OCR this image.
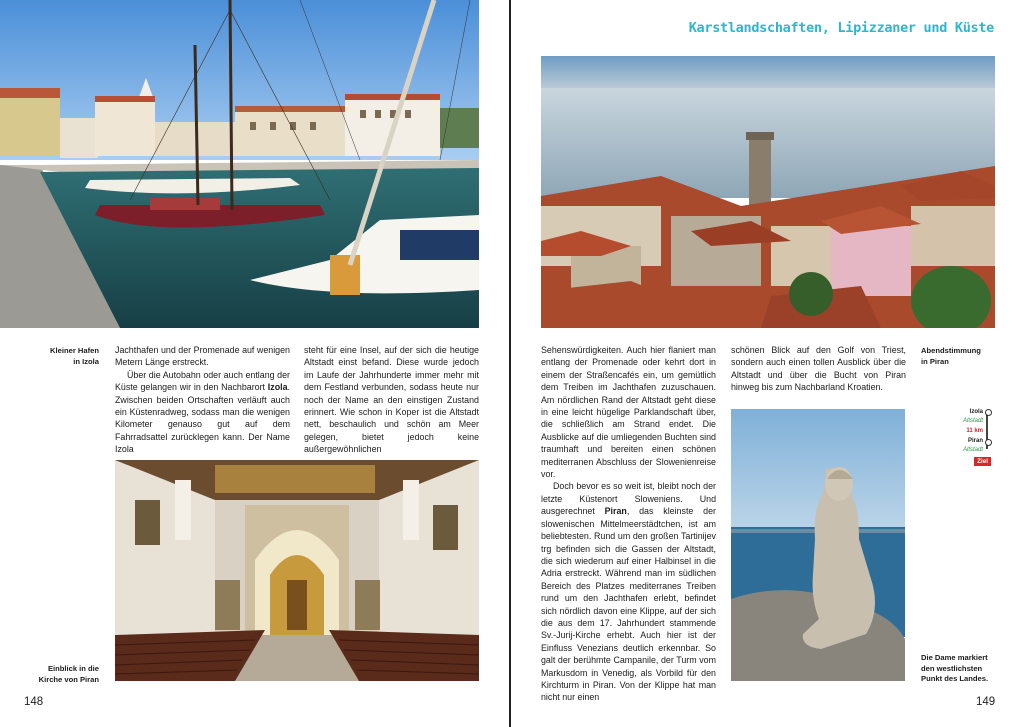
Kleiner Hafen
in Izola

Jachthafen und der Promenade auf wenigen Metern Länge erstreckt.

Über die Autobahn oder auch entlang der Küste gelangen wir in den Nachbarort Izola. Zwischen beiden Ortschaften verläuft auch ein Küstenradweg, sodass man die wenigen Kilometer genauso gut auf dem Fahrradsattel zurücklegen kann. Der Name Izola

steht für eine Insel, auf der sich die heutige Altstadt einst befand. Diese wurde jedoch im Laufe der Jahrhunderte immer mehr mit dem Festland verbunden, sodass heute nur noch der Name an den einstigen Zustand erinnert. Wie schon in Koper ist die Altstadt nett, beschaulich und schön am Meer gelegen, bietet jedoch keine außergewöhnlichen

Einblick in die
Kirche von Piran
148
Karstlandschaften, Lipizzaner und Küste

Sehenswürdigkeiten. Auch hier flaniert man entlang der Promenade oder kehrt dort in einem der Straßencafés ein, um gemütlich dem Treiben im Jachthafen zuzuschauen. Am nördlichen Rand der Altstadt geht diese in eine leicht hügelige Parklandschaft über, die schließlich am Strand endet. Die Ausblicke auf die umliegenden Buchten sind traumhaft und bereiten einen schönen mediterranen Abschluss der Slowenienreise vor.

Doch bevor es so weit ist, bleibt noch der letzte Küstenort Sloweniens. Und ausgerechnet Piran, das kleinste der slowenischen Mittelmeerstädtchen, ist am beliebtesten. Rund um den großen Tartinijev trg befinden sich die Gassen der Altstadt, die sich wiederum auf einer Halbinsel in die Adria erstreckt. Während man im südlichen Bereich des Platzes mediterranes Treiben rund um den Jachthafen erlebt, befindet sich nördlich davon eine Klippe, auf der sich die aus dem 17. Jahrhundert stammende Sv.-Jurij-Kirche erhebt. Auch hier ist der Einfluss Venezians deutlich erkennbar. So galt der berühmte Campanile, der Turm vom Markusdom in Venedig, als Vorbild für den Kirchturm in Piran. Von der Klippe hat man nicht nur einen

schönen Blick auf den Golf von Triest, sondern auch einen tollen Ausblick über die Altstadt und über die Bucht von Piran hinweg bis zum Nachbarland Kroatien.

Abendstimmung
in Piran
Die Dame markiert
den westlichsten
Punkt des Landes.
149
Izola
Altstadt
11 km
Piran
Altstadt
Ziel
